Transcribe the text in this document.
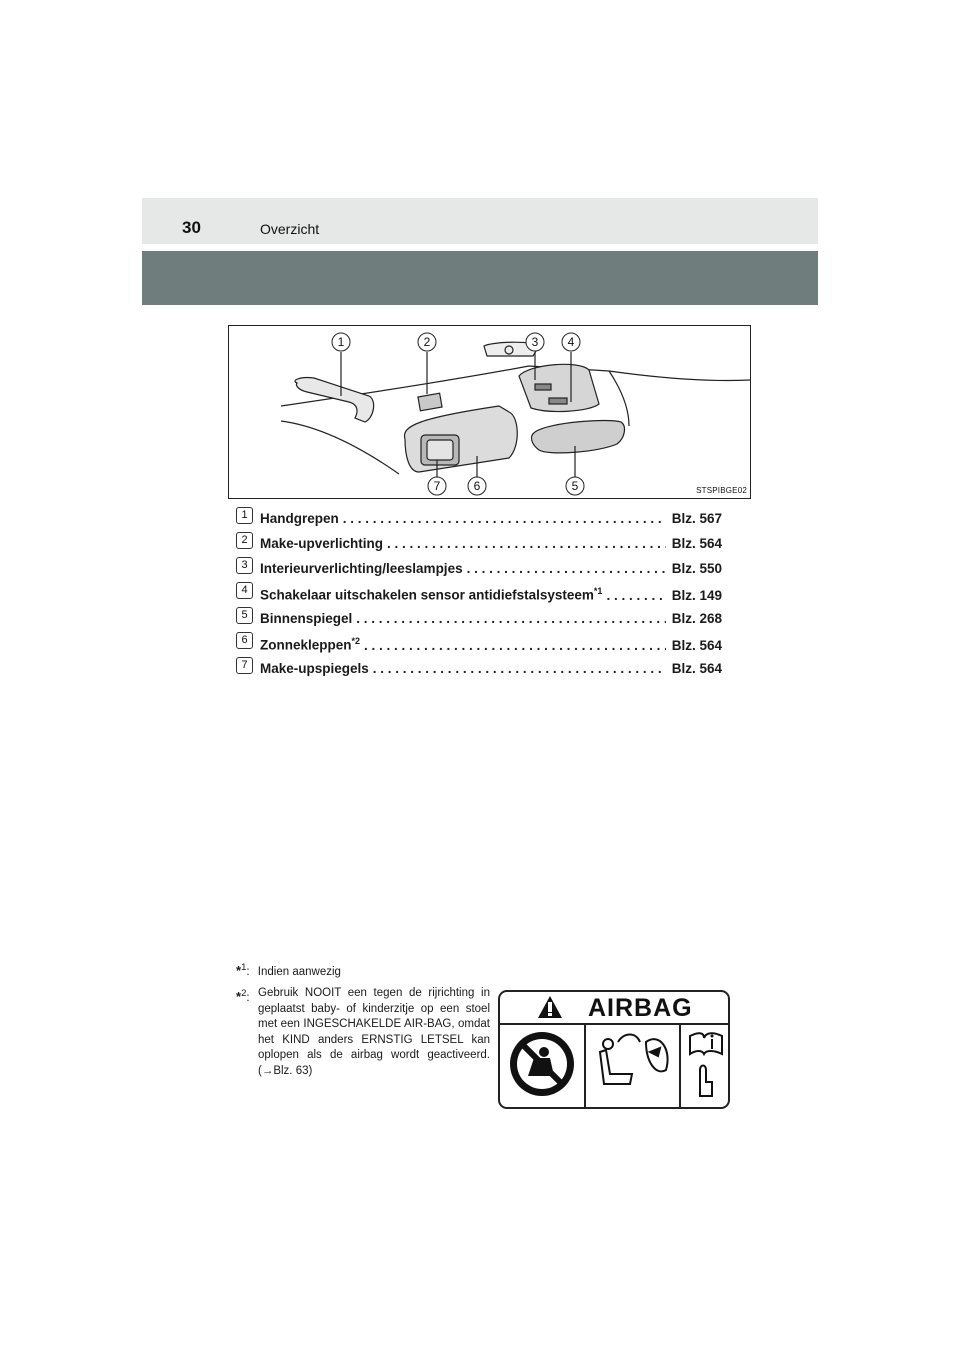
30	Overzicht
1	2	3 4
5
6
7	STSPIBGE02
1 Handgrepen . . .	Blz. 567
2 Make-upverlichting . . .	Blz. 564
3 Interieurverlichting/leeslampjes . . .	Blz. 550
4 Schakelaar uitschakelen sensor antidiefstalsysteem$^{*1}$ . . .	Blz. 149
5 Binnenspiegel . . .	Blz. 268
6 Zonnekleppen$^{*2}$ . . .	Blz. 564
7 Make-upspiegels . . .	Blz. 564
*$^1$: Indien aanwezig
*$^2$: Gebruik NOOIT een tegen de rijrichting in geplaatst baby- of kinderzitje op een stoel met een INGESCHAKELDE AIR-BAG, omdat het KIND anders ERNSTIG LETSEL kan oplopen als de airbag wordt geactiveerd. (→Blz. 63)
AIRBAG
